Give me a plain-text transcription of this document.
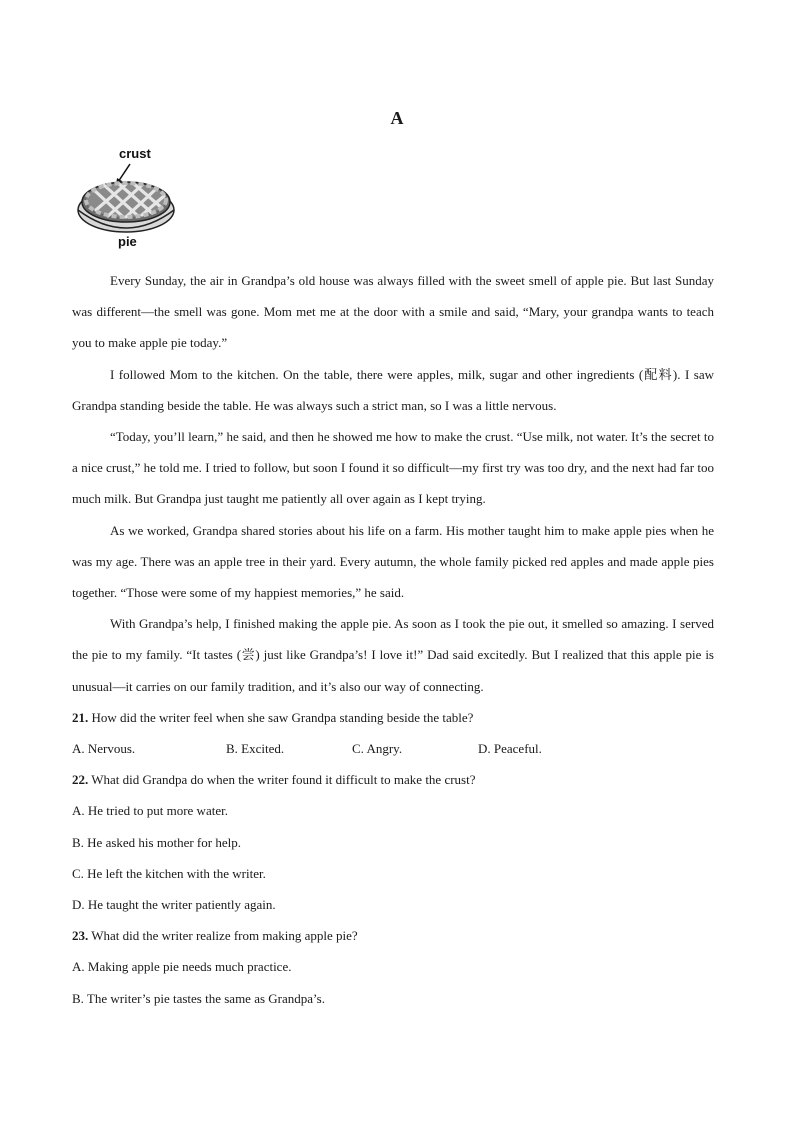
A
crust
pie

Every Sunday, the air in Grandpa’s old house was always filled with the sweet smell of apple pie. But last Sunday was different—the smell was gone. Mom met me at the door with a smile and said, “Mary, your grandpa wants to teach you to make apple pie today.”

I followed Mom to the kitchen. On the table, there were apples, milk, sugar and other ingredients (配料). I saw Grandpa standing beside the table. He was always such a strict man, so I was a little nervous.

“Today, you’ll learn,” he said, and then he showed me how to make the crust. “Use milk, not water. It’s the secret to a nice crust,” he told me. I tried to follow, but soon I found it so difficult—my first try was too dry, and the next had far too much milk. But Grandpa just taught me patiently all over again as I kept trying.

As we worked, Grandpa shared stories about his life on a farm. His mother taught him to make apple pies when he was my age. There was an apple tree in their yard. Every autumn, the whole family picked red apples and made apple pies together. “Those were some of my happiest memories,” he said.

With Grandpa’s help, I finished making the apple pie. As soon as I took the pie out, it smelled so amazing. I served the pie to my family. “It tastes (尝) just like Grandpa’s! I love it!” Dad said excitedly. But I realized that this apple pie is unusual—it carries on our family tradition, and it’s also our way of connecting.

21. How did the writer feel when she saw Grandpa standing beside the table?

A. Nervous.	B. Excited.	C. Angry.	D. Peaceful.

22. What did Grandpa do when the writer found it difficult to make the crust?

A. He tried to put more water.

B. He asked his mother for help.

C. He left the kitchen with the writer.

D. He taught the writer patiently again.

23. What did the writer realize from making apple pie?

A. Making apple pie needs much practice.

B. The writer’s pie tastes the same as Grandpa’s.
